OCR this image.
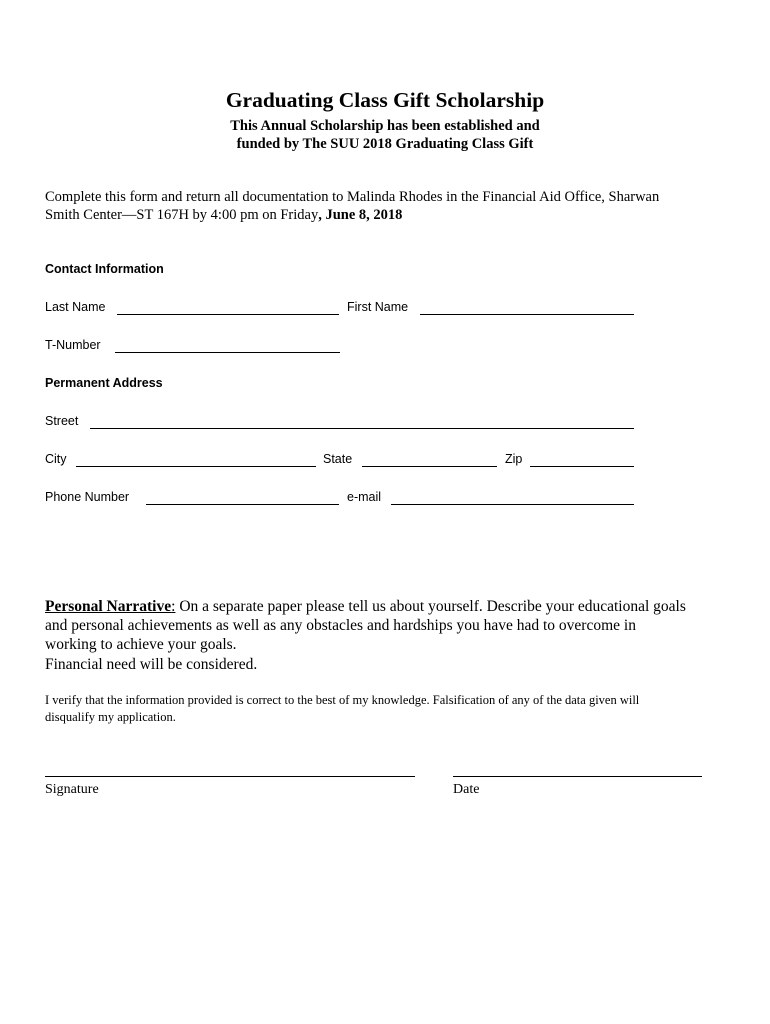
Graduating Class Gift Scholarship
This Annual Scholarship has been established and
funded by The SUU 2018 Graduating Class Gift
Complete this form and return all documentation to Malinda Rhodes in the Financial Aid Office, Sharwan
Smith Center—ST 167H by 4:00 pm on Friday, June 8, 2018
Contact Information
Last Name	First Name
T-Number
Permanent Address
Street
City	State	Zip
Phone Number	e-mail
Personal Narrative: On a separate paper please tell us about yourself. Describe your educational goals
and personal achievements as well as any obstacles and hardships you have had to overcome in
working to achieve your goals.
Financial need will be considered.
I verify that the information provided is correct to the best of my knowledge. Falsification of any of the data given will
disqualify my application.
Signature	Date
